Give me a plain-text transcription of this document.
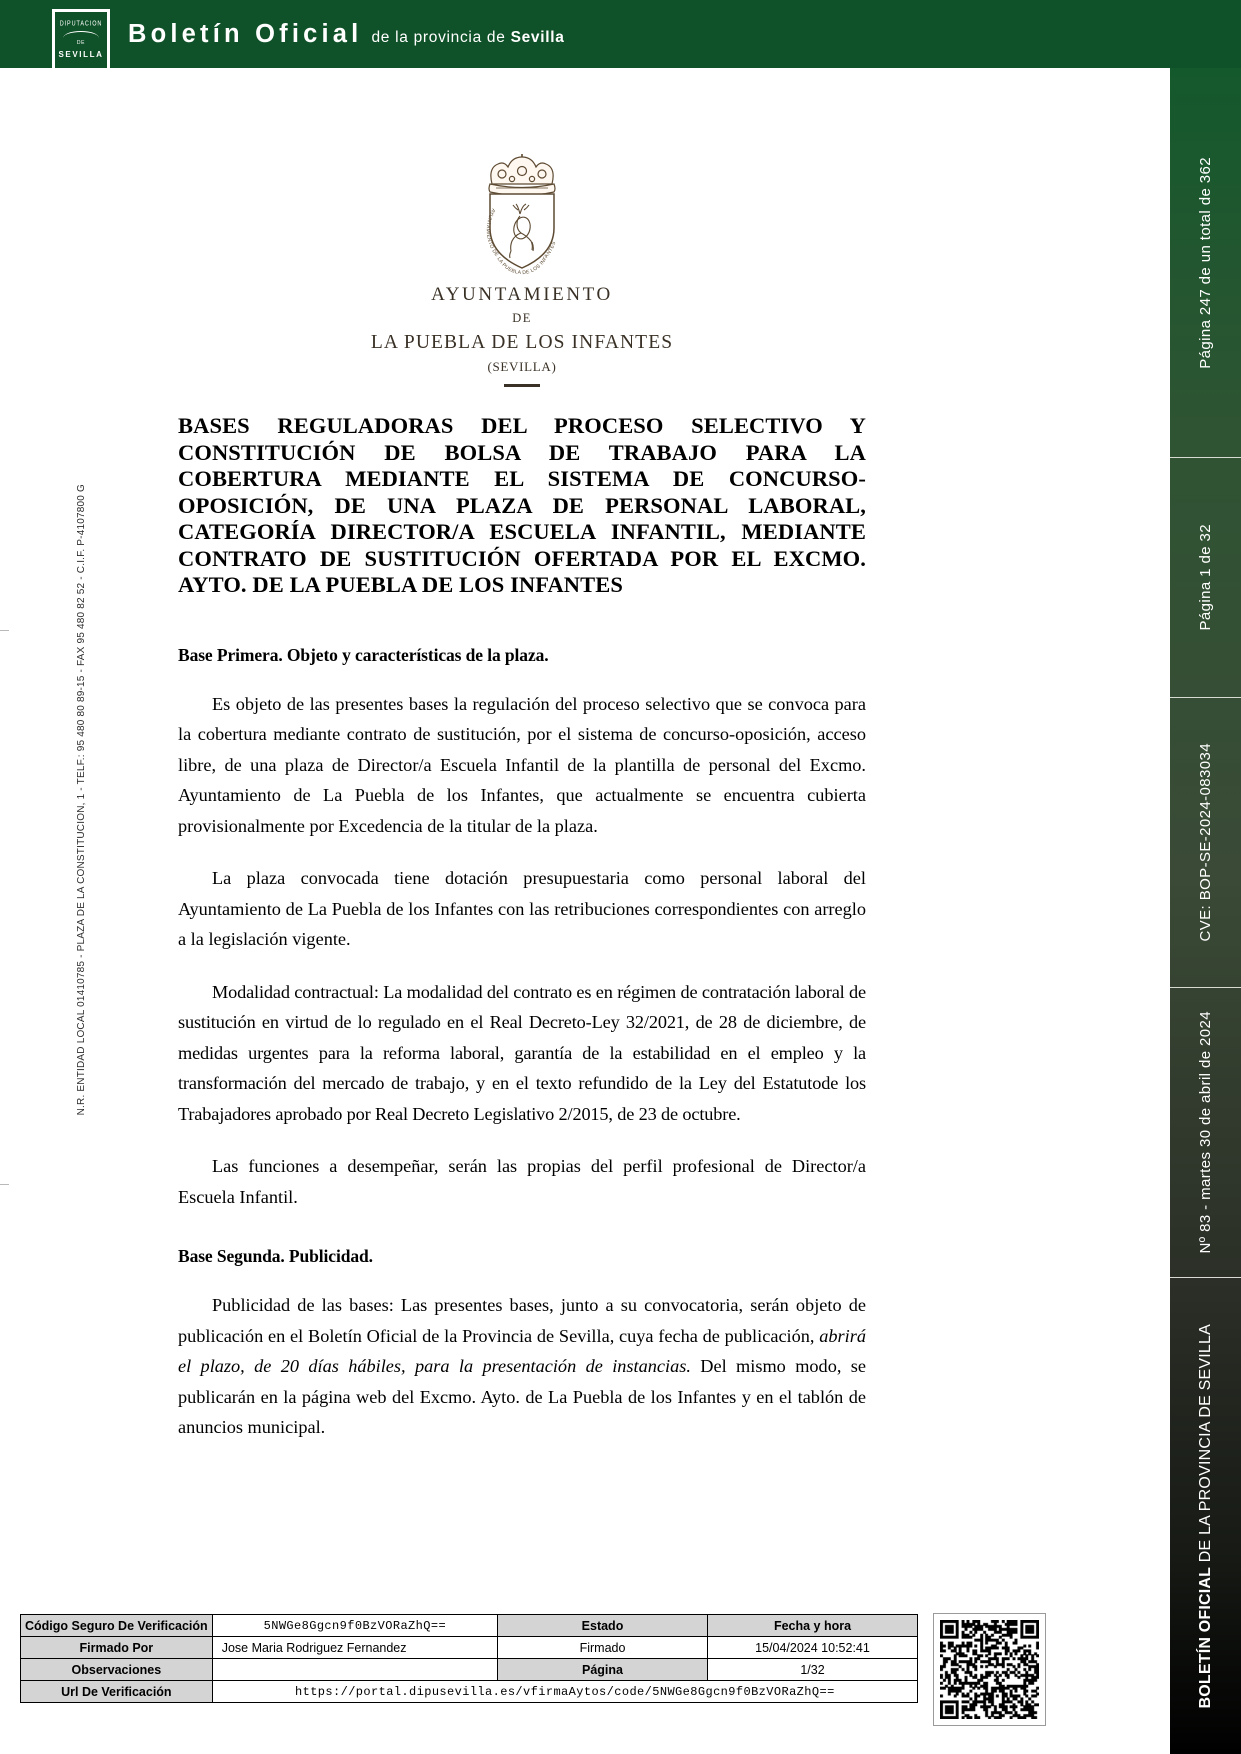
DIPUTACION
DE
SEVILLA
Boletín Oficial de la provincia de Sevilla
Página 247 de un total de 362
Página 1 de 32
CVE: BOP-SE-2024-083034
Nº 83 - martes 30 de abril de 2024
BOLETÍN OFICIAL DE LA PROVINCIA DE SEVILLA
N.R. ENTIDAD LOCAL 01410785 - PLAZA DE LA CONSTITUCION, 1 - TELF.: 95 480 80 89-15 - FAX 95 480 82 52 - C.I.F. P-4107800 G
AYUNTAMIENTO DE LA PUEBLA DE LOS INFANTES
AYUNTAMIENTO
DE
LA PUEBLA DE LOS INFANTES
(SEVILLA)
BASES REGULADORAS DEL PROCESO SELECTIVO Y CONSTITUCIÓN DE BOLSA DE TRABAJO PARA LA COBERTURA MEDIANTE EL SISTEMA DE CONCURSO-OPOSICIÓN, DE UNA PLAZA DE PERSONAL LABORAL, CATEGORÍA DIRECTOR/A ESCUELA INFANTIL, MEDIANTE CONTRATO DE SUSTITUCIÓN OFERTADA POR EL EXCMO. AYTO. DE LA PUEBLA DE LOS INFANTES
Base Primera. Objeto y características de la plaza.

Es objeto de las presentes bases la regulación del proceso selectivo que se convoca para la cobertura mediante contrato de sustitución, por el sistema de concurso-oposición, acceso libre, de una plaza de Director/a Escuela Infantil de la plantilla de personal del Excmo. Ayuntamiento de La Puebla de los Infantes, que actualmente se encuentra cubierta provisionalmente por Excedencia de la titular de la plaza.

La plaza convocada tiene dotación presupuestaria como personal laboral del Ayuntamiento de La Puebla de los Infantes con las retribuciones correspondientes con arreglo a la legislación vigente.

Modalidad contractual: La modalidad del contrato es en régimen de contratación laboral de sustitución en virtud de lo regulado en el Real Decreto-Ley 32/2021, de 28 de diciembre, de medidas urgentes para la reforma laboral, garantía de la estabilidad en el empleo y la transformación del mercado de trabajo, y en el texto refundido de la Ley del Estatutode los Trabajadores aprobado por Real Decreto Legislativo 2/2015, de 23 de octubre.

Las funciones a desempeñar, serán las propias del perfil profesional de Director/a Escuela Infantil.

Base Segunda. Publicidad.

Publicidad de las bases: Las presentes bases, junto a su convocatoria, serán objeto de publicación en el Boletín Oficial de la Provincia de Sevilla, cuya fecha de publicación, abrirá el plazo, de 20 días hábiles, para la presentación de instancias. Del mismo modo, se publicarán en la página web del Excmo. Ayto. de La Puebla de los Infantes y en el tablón de anuncios municipal.

Código Seguro De Verificación	5NWGe8Ggcn9f0BzVORaZhQ==	Estado	Fecha y hora
Firmado Por	Jose Maria Rodriguez Fernandez	Firmado	15/04/2024 10:52:41
Observaciones		Página	1/32
Url De Verificación	https://portal.dipusevilla.es/vfirmaAytos/code/5NWGe8Ggcn9f0BzVORaZhQ==		
